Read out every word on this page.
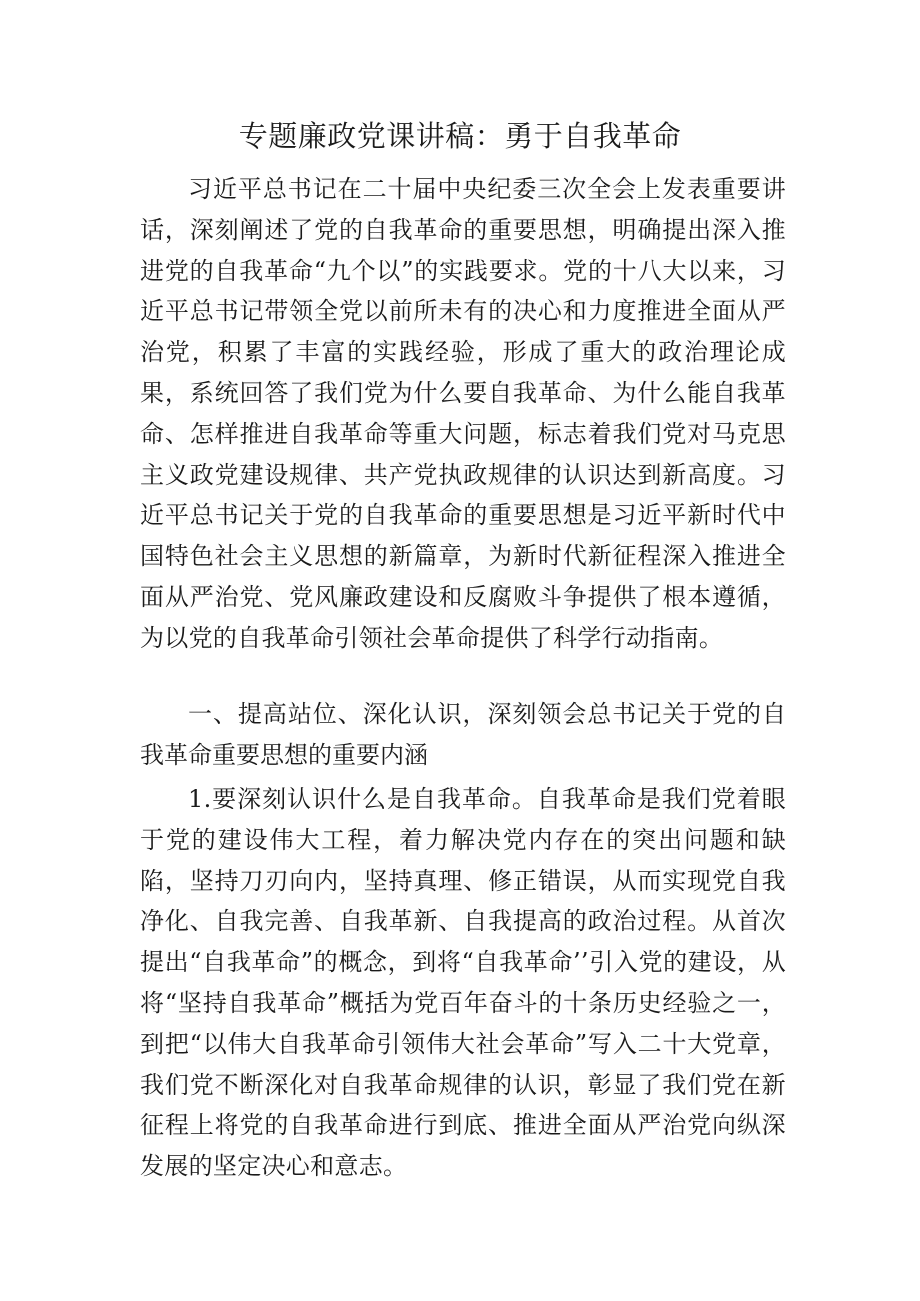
专题廉政党课讲稿：勇于自我革命

习近平总书记在二十届中央纪委三次全会上发表重要讲话，深刻阐述了党的自我革命的重要思想，明确提出深入推进党的自我革命“九个以”的实践要求。党的十八大以来，习近平总书记带领全党以前所未有的决心和力度推进全面从严治党，积累了丰富的实践经验，形成了重大的政治理论成果，系统回答了我们党为什么要自我革命、为什么能自我革命、怎样推进自我革命等重大问题，标志着我们党对马克思主义政党建设规律、共产党执政规律的认识达到新高度。习近平总书记关于党的自我革命的重要思想是习近平新时代中国特色社会主义思想的新篇章，为新时代新征程深入推进全面从严治党、党风廉政建设和反腐败斗争提供了根本遵循，为以党的自我革命引领社会革命提供了科学行动指南。

一、提高站位、深化认识，深刻领会总书记关于党的自我革命重要思想的重要内涵

1.要深刻认识什么是自我革命。自我革命是我们党着眼于党的建设伟大工程，着力解决党内存在的突出问题和缺陷，坚持刀刃向内，坚持真理、修正错误，从而实现党自我净化、自我完善、自我革新、自我提高的政治过程。从首次提出“自我革命”的概念，到将“自我革命’’引入党的建设，从将“坚持自我革命”概括为党百年奋斗的十条历史经验之一，到把“以伟大自我革命引领伟大社会革命”写入二十大党章，我们党不断深化对自我革命规律的认识，彰显了我们党在新征程上将党的自我革命进行到底、推进全面从严治党向纵深发展的坚定决心和意志。
